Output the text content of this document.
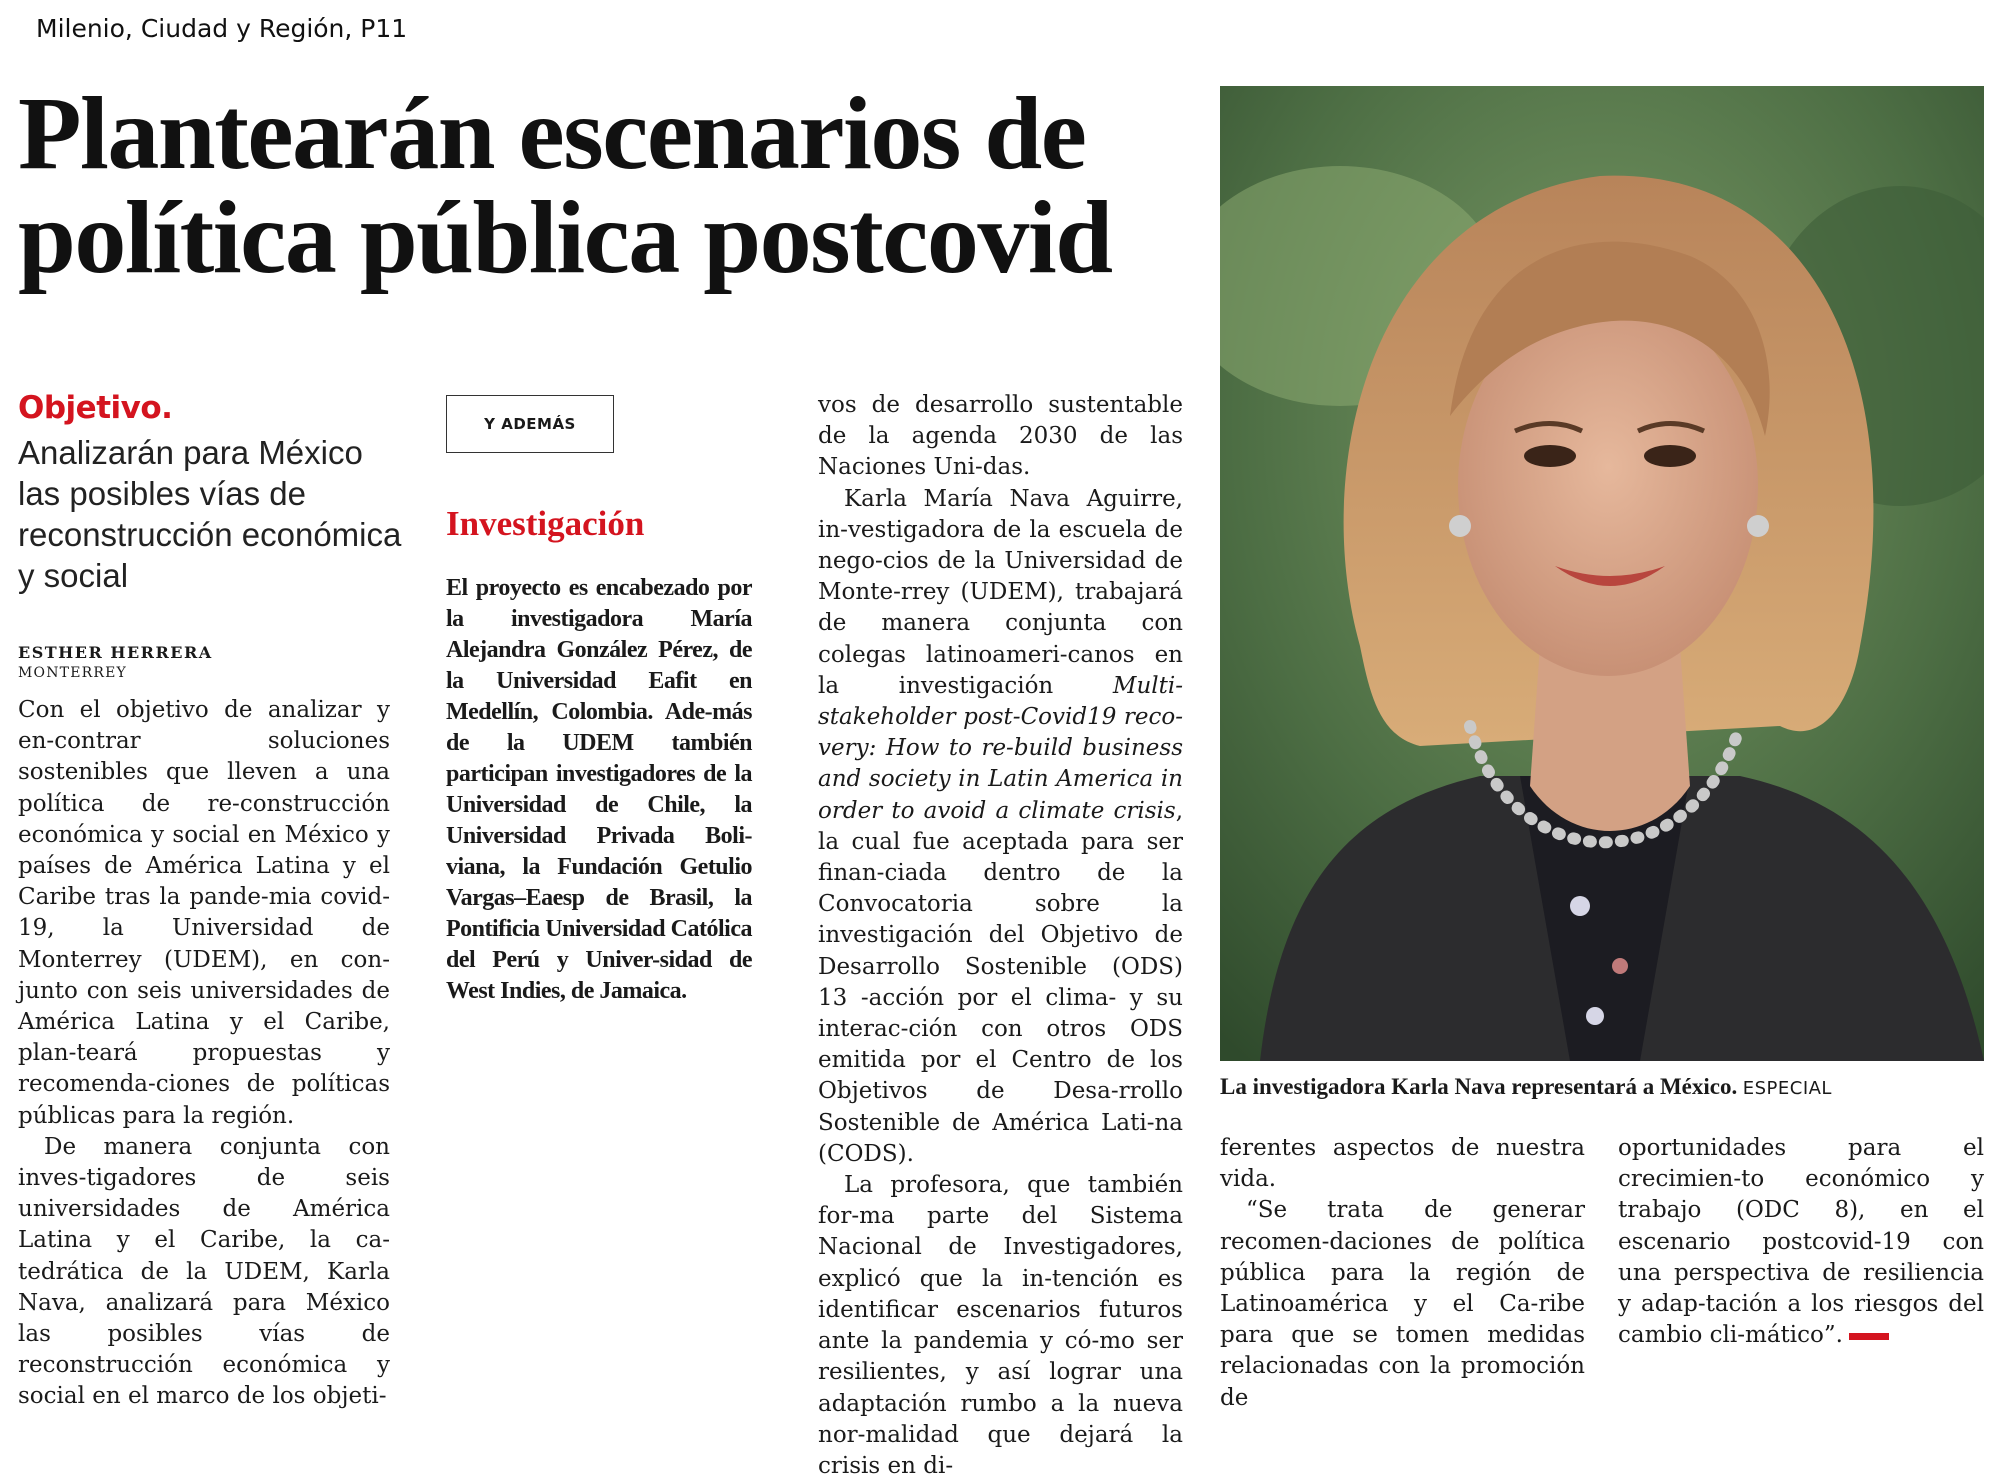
Milenio, Ciudad y Región, P11
Plantearán escenarios de
política pública postcovid
Objetivo.
Analizarán para México las posibles vías de reconstrucción económica y social
ESTHER HERRERA
MONTERREY

Con el objetivo de analizar y en-contrar soluciones sostenibles que lleven a una política de re-construcción económica y social en México y países de América Latina y el Caribe tras la pande-mia covid-19, la Universidad de Monterrey (UDEM), en con-junto con seis universidades de América Latina y el Caribe, plan-teará propuestas y recomenda-ciones de políticas públicas para la región.

De manera conjunta con inves-tigadores de seis universidades de América Latina y el Caribe, la ca-tedrática de la UDEM, Karla Nava, analizará para México las posibles vías de reconstrucción económica y social en el marco de los objeti-

Y ADEMÁS
Investigación
El proyecto es encabezado por la investigadora María Alejandra González Pérez, de la Universidad Eafit en Medellín, Colombia. Ade-más de la UDEM también participan investigadores de la Universidad de Chile, la Universidad Privada Boli-viana, la Fundación Getulio Vargas–Eaesp de Brasil, la Pontificia Universidad Católica del Perú y Univer-sidad de West Indies, de Jamaica.

vos de desarrollo sustentable de la agenda 2030 de las Naciones Uni-das.

Karla María Nava Aguirre, in-vestigadora de la escuela de nego-cios de la Universidad de Monte-rrey (UDEM), trabajará de manera conjunta con colegas latinoameri-canos en la investigación Multi-stakeholder post-Covid19 reco-very: How to re-build business and society in Latin America in order to avoid a climate crisis, la cual fue aceptada para ser finan-ciada dentro de la Convocatoria sobre la investigación del Objetivo de Desarrollo Sostenible (ODS) 13 -acción por el clima- y su interac-ción con otros ODS emitida por el Centro de los Objetivos de Desa-rrollo Sostenible de América Lati-na (CODS).

La profesora, que también for-ma parte del Sistema Nacional de Investigadores, explicó que la in-tención es identificar escenarios futuros ante la pandemia y có-mo ser resilientes, y así lograr una adaptación rumbo a la nueva nor-malidad que dejará la crisis en di-

La investigadora Karla Nava representará a México. ESPECIAL

ferentes aspectos de nuestra vida.

“Se trata de generar recomen-daciones de política pública para la región de Latinoamérica y el Ca-ribe para que se tomen medidas relacionadas con la promoción de

oportunidades para el crecimien-to económico y trabajo (ODC 8), en el escenario postcovid-19 con una perspectiva de resiliencia y adap-tación a los riesgos del cambio cli-mático”.
